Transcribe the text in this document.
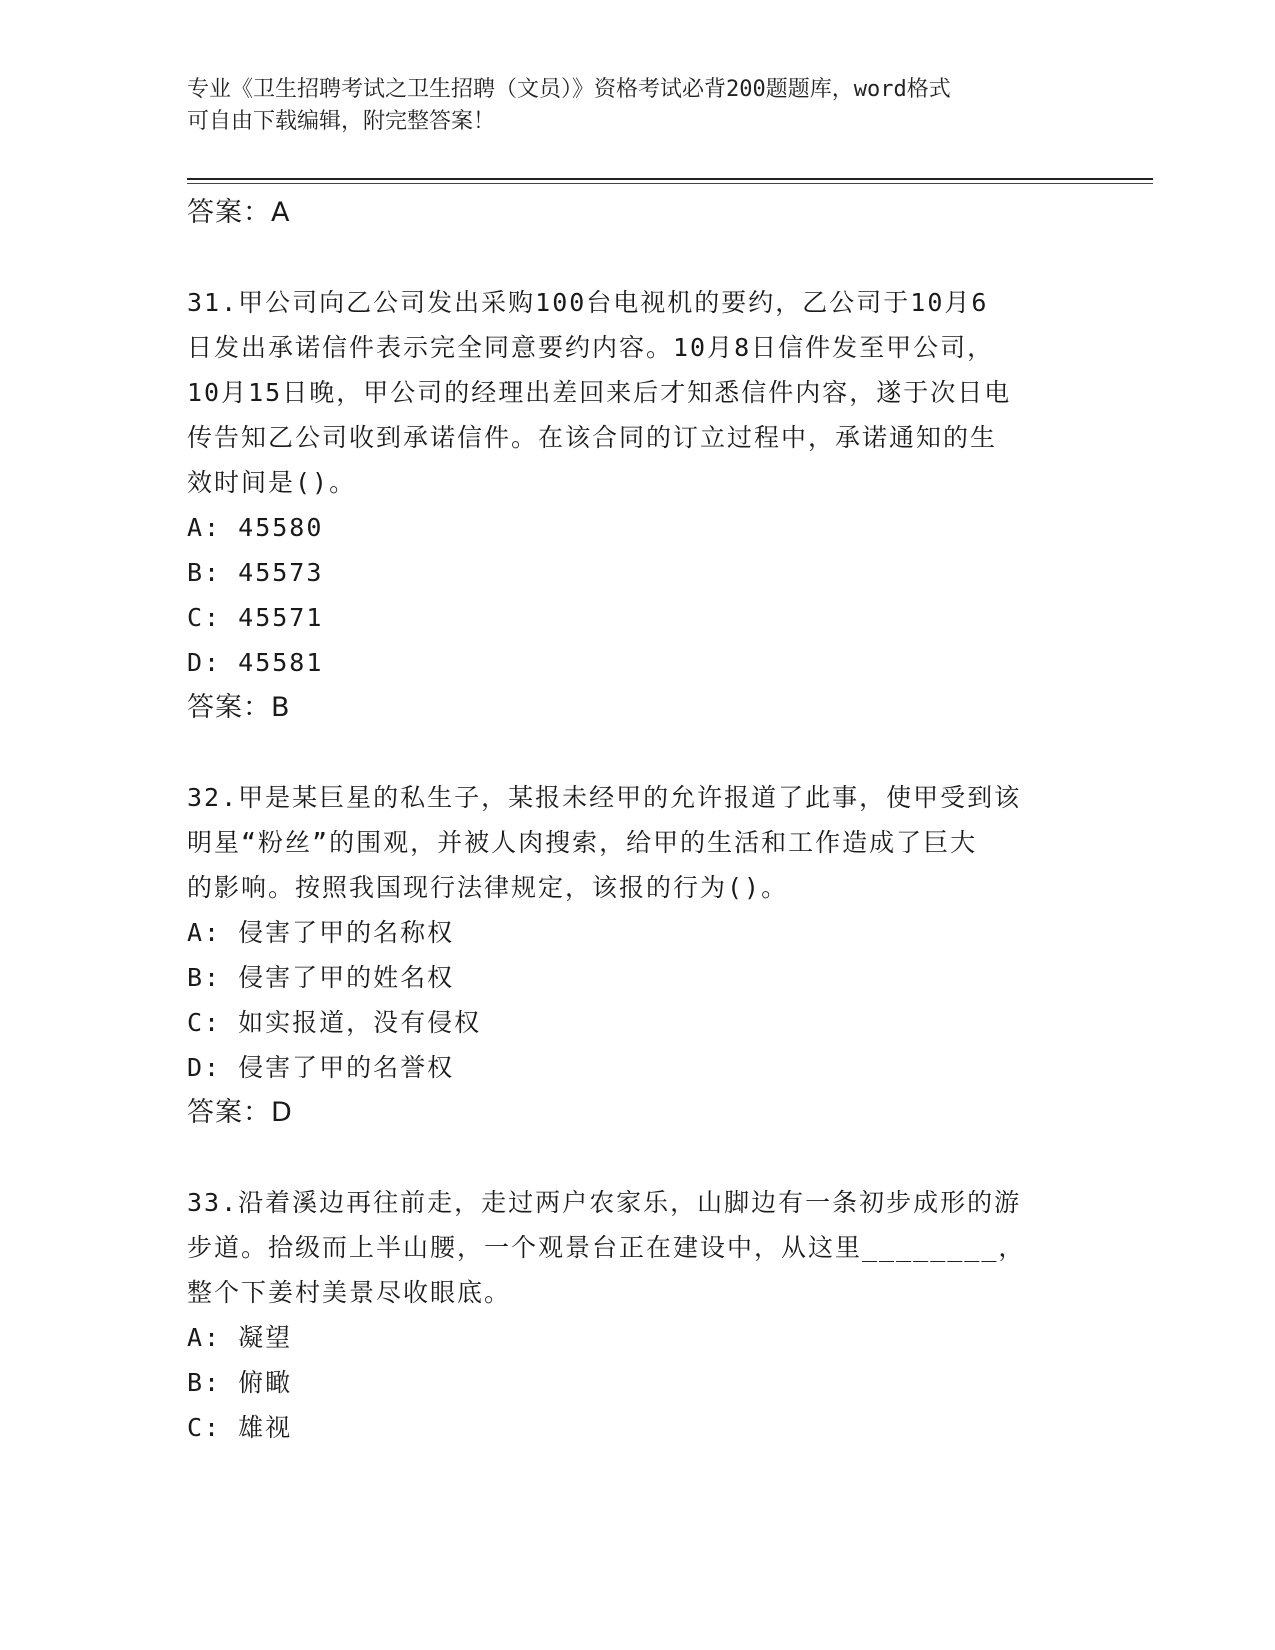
专业《卫生招聘考试之卫生招聘（文员）》资格考试必背200题题库，word格式
可自由下载编辑，附完整答案！
答案：A
31.甲公司向乙公司发出采购100台电视机的要约，乙公司于10月6
日发出承诺信件表示完全同意要约内容。10月8日信件发至甲公司，
10月15日晚，甲公司的经理出差回来后才知悉信件内容，遂于次日电
传告知乙公司收到承诺信件。在该合同的订立过程中，承诺通知的生
效时间是()。
A: 45580
B: 45573
C: 45571
D: 45581
答案：B
32.甲是某巨星的私生子，某报未经甲的允许报道了此事，使甲受到该
明星“粉丝”的围观，并被人肉搜索，给甲的生活和工作造成了巨大
的影响。按照我国现行法律规定，该报的行为()。
A: 侵害了甲的名称权
B: 侵害了甲的姓名权
C: 如实报道，没有侵权
D: 侵害了甲的名誉权
答案：D
33.沿着溪边再往前走，走过两户农家乐，山脚边有一条初步成形的游
步道。拾级而上半山腰，一个观景台正在建设中，从这里________，
整个下姜村美景尽收眼底。
A: 凝望
B: 俯瞰
C: 雄视
